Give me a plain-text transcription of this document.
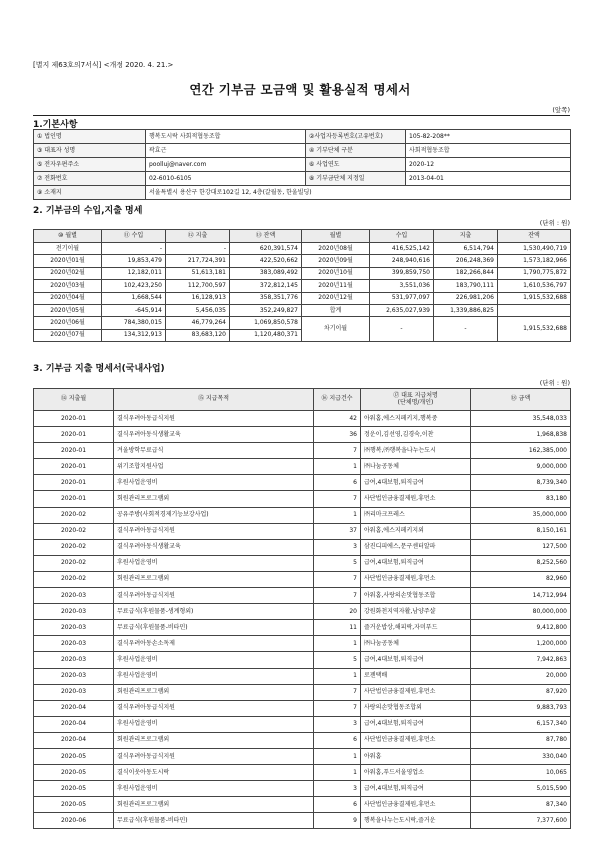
[별지 제63호의7서식] <개정 2020. 4. 21.>
연간 기부금 모금액 및 활용실적 명세서
(앞쪽)
1.기본사항
① 법인명	행복도시락 사회적협동조합	②사업자등록번호(고유번호)	105-82-208**
③ 대표자 성명	곽효근	④ 기부단체 구분	사회적협동조합
⑤ 전자우편주소	poolluj@naver.com	⑥ 사업연도	2020-12
⑦ 전화번호	02-6010-6105	⑧ 기부금단체 지정일	2013-04-01
⑨ 소재지	서울특별시 용산구 한강대로102길 12, 4층(갈월동, 한울빌딩)		
2. 기부금의 수입,지출 명세
(단위 : 원)
⑩ 월별	⑪ 수입	⑫ 지출	⑬ 잔액	월별	수입	지출	잔액
전기이월	-	-	620,391,574	2020년08월	416,525,142	6,514,794	1,530,490,719
2020년01월	19,853,479	217,724,391	422,520,662	2020년09월	248,940,616	206,248,369	1,573,182,966
2020년02월	12,182,011	51,613,181	383,089,492	2020년10월	399,859,750	182,266,844	1,790,775,872
2020년03월	102,423,250	112,700,597	372,812,145	2020년11월	3,551,036	183,790,111	1,610,536,797
2020년04월	1,668,544	16,128,913	358,351,776	2020년12월	531,977,097	226,981,206	1,915,532,688
2020년05월	-645,914	5,456,035	352,249,827	합계	2,635,027,939	1,339,886,825	
2020년06월	784,380,015	46,779,264	1,069,850,578	차기이월	-	-	1,915,532,688
2020년07월	134,312,913	83,683,120	1,120,480,371				
3. 기부금 지출 명세서(국내사업)
(단위 : 원)
⑭ 지출월	⑮ 지급목적	⑯ 지급건수	⑰ 대표 지급처명
(단체명/개인)	⑱ 금액
2020-01	결식우려아동급식지원	42	아워홈,에스지페키지,행복중	35,548,033
2020-01	결식우려아동식생활교육	36	정운이,김선영,김경숙,이찬	1,968,838
2020-01	겨울방학무료급식	7	㈜행복,㈜행복을나누는도시	162,385,000
2020-01	위기조합지원사업	1	㈜나눔공동체	9,000,000
2020-01	후원사업운영비	6	급여,4대보험,퇴직급여	8,739,340
2020-01	회원관리프로그램외	7	사단법인금융결제원,휴먼소	83,180
2020-02	공유주방(사회적경제기능보강사업)	1	㈜리마크프레스	35,000,000
2020-02	결식우려아동급식지원	37	아워홈,에스지페키지외	8,150,161
2020-02	결식우려아동식생활교육	3	삼진디피에스,문구센터알파	127,500
2020-02	후원사업운영비	5	급여,4대보험,퇴직급여	8,252,560
2020-02	회원관리프로그램외	7	사단법인금융결제원,휴먼소	82,960
2020-03	결식우려아동급식지원	7	아워홈,사랑의손맛협동조합	14,712,994
2020-03	무료급식(후원물품-생계형외)	20	강원화천지역자활,남양주샬	80,000,000
2020-03	무료급식(후원물품-비타민)	11	즐거운밥상,해피락,자미푸드	9,412,800
2020-03	결식우려아동손소독제	1	㈜나눔공동체	1,200,000
2020-03	후원사업운영비	5	급여,4대보험,퇴직급여	7,942,863
2020-03	후원사업운영비	1	로젠택배	20,000
2020-03	회원관리프로그램외	7	사단법인금융결제원,휴먼소	87,920
2020-04	결식우려아동급식지원	7	사랑의손맛협동조합외	9,883,793
2020-04	후원사업운영비	3	급여,4대보험,퇴직급여	6,157,340
2020-04	회원관리프로그램외	6	사단법인금융결제원,휴먼소	87,780
2020-05	결식우려아동급식지원	1	아워홈	330,040
2020-05	결식이웃아동도시락	1	아워홈,푸드서울영업소	10,065
2020-05	후원사업운영비	3	급여,4대보험,퇴직급여	5,015,590
2020-05	회원관리프로그램외	6	사단법인금융결제원,휴먼소	87,340
2020-06	무료급식(후원물품-비타민)	9	행복을나누는도시락,즐거운	7,377,600
